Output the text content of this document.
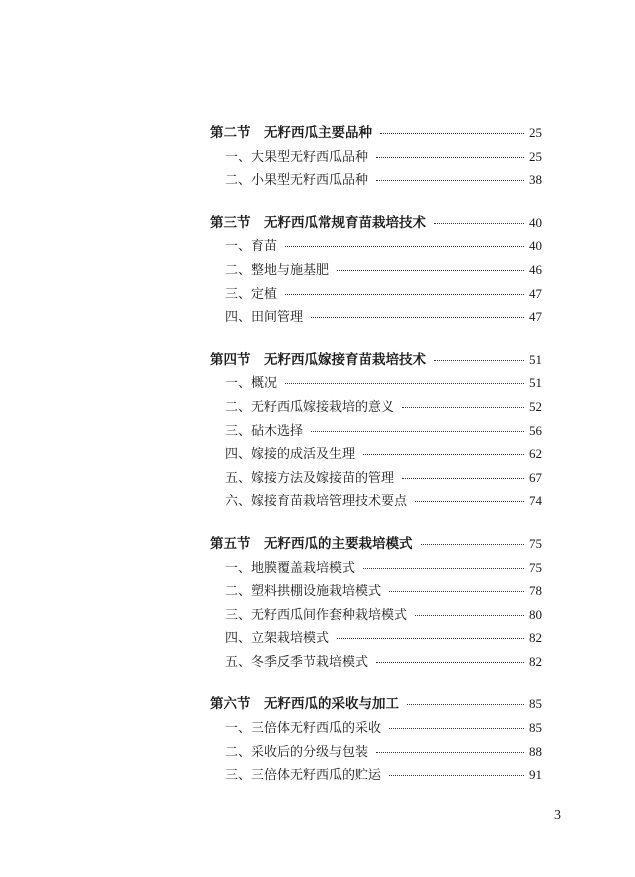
第二节　无籽西瓜主要品种	25
一、大果型无籽西瓜品种	25
二、小果型无籽西瓜品种	38
第三节　无籽西瓜常规育苗栽培技术	40
一、育苗	40
二、整地与施基肥	46
三、定植	47
四、田间管理	47
第四节　无籽西瓜嫁接育苗栽培技术	51
一、概况	51
二、无籽西瓜嫁接栽培的意义	52
三、砧木选择	56
四、嫁接的成活及生理	62
五、嫁接方法及嫁接苗的管理	67
六、嫁接育苗栽培管理技术要点	74
第五节　无籽西瓜的主要栽培模式	75
一、地膜覆盖栽培模式	75
二、塑料拱棚设施栽培模式	78
三、无籽西瓜间作套种栽培模式	80
四、立架栽培模式	82
五、冬季反季节栽培模式	82
第六节　无籽西瓜的采收与加工	85
一、三倍体无籽西瓜的采收	85
二、采收后的分级与包装	88
三、三倍体无籽西瓜的贮运	91
3
